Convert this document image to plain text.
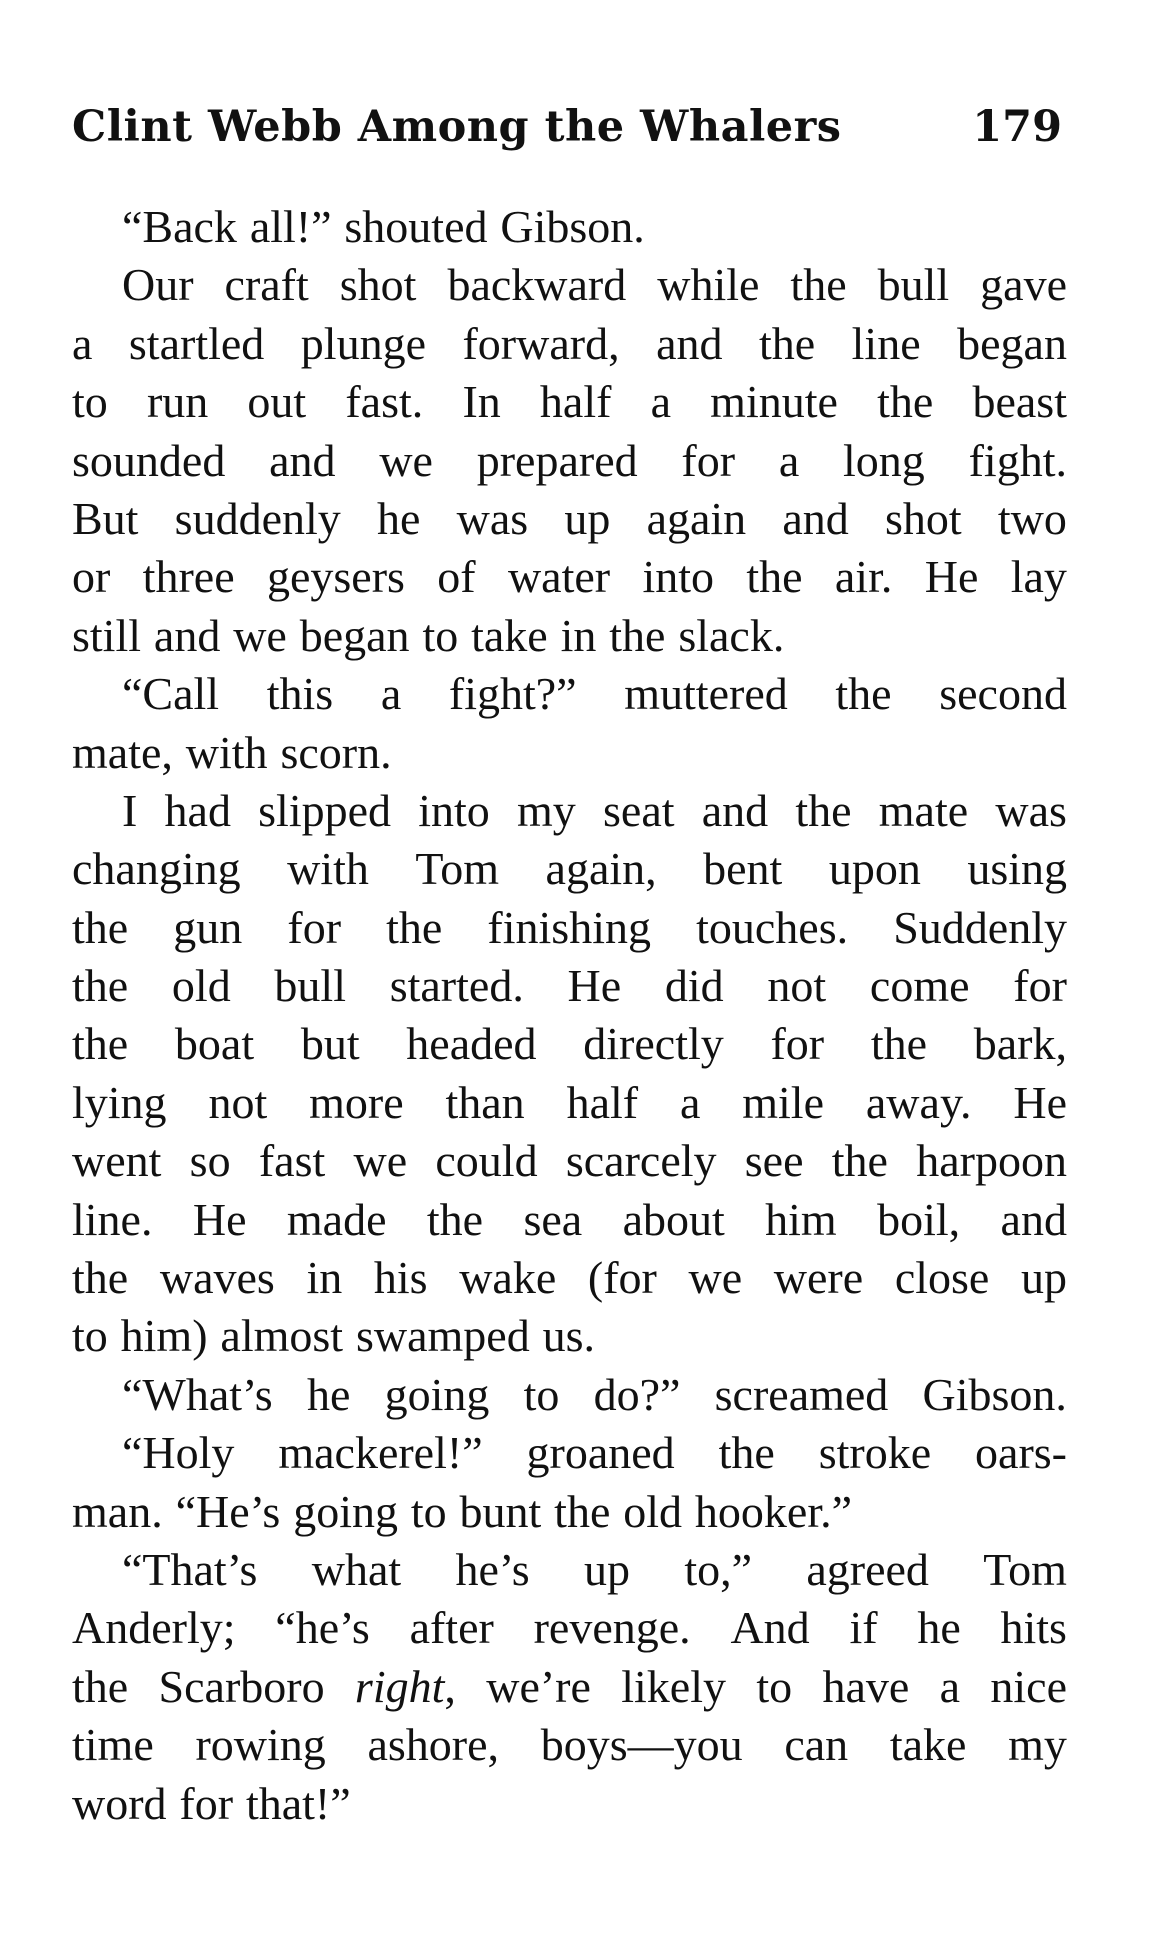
Clint Webb Among the Whalers	179
“Back all!” shouted Gibson.
Our craft shot backward while the bull gave
a startled plunge forward, and the line began
to run out fast. In half a minute the beast
sounded and we prepared for a long fight.
But suddenly he was up again and shot two
or three geysers of water into the air. He lay
still and we began to take in the slack.
“Call this a fight?” muttered the second
mate, with scorn.
I had slipped into my seat and the mate was
changing with Tom again, bent upon using
the gun for the finishing touches. Suddenly
the old bull started. He did not come for
the boat but headed directly for the bark,
lying not more than half a mile away. He
went so fast we could scarcely see the harpoon
line. He made the sea about him boil, and
the waves in his wake (for we were close up
to him) almost swamped us.
“What’s he going to do?” screamed Gibson.
“Holy mackerel!” groaned the stroke oars-
man. “He’s going to bunt the old hooker.”
“That’s what he’s up to,” agreed Tom
Anderly; “he’s after revenge. And if he hits
the Scarboro right, we’re likely to have a nice
time rowing ashore, boys—you can take my
word for that!”
